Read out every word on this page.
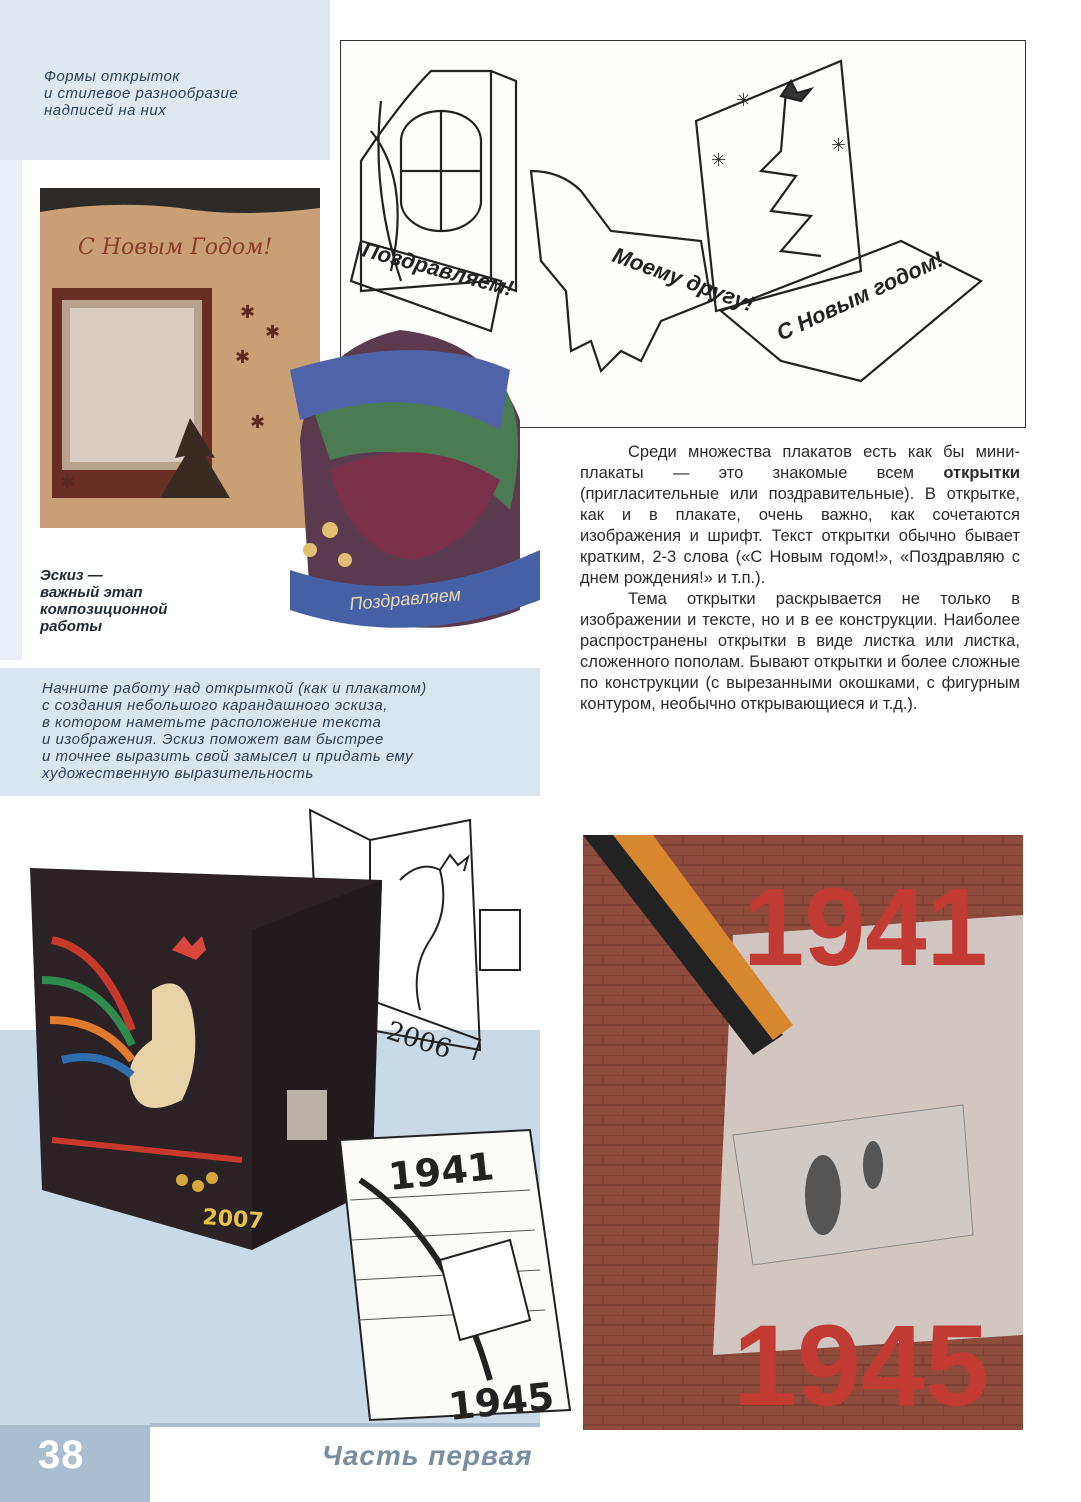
Формы открыток
и стилевое разнообразие
надписей на них
Поздравляем!	Моему другу! С Новым годом!
✳
✳
✳
С Новым Годом!
✱
✱
✱
✱
✱
Поздравляем
Эскиз —
важный этап
композиционной
работы

Среди множества плакатов есть как бы мини-плакаты — это знакомые всем открытки (пригласительные или поздравительные). В открытке, как и в плакате, очень важно, как сочетаются изображения и шрифт. Текст открытки обычно бывает кратким, 2-3 слова («С Новым годом!», «Поздравляю с днем рождения!» и т.п.).

Тема открытки раскрывается не только в изображении и тексте, но и в ее конструкции. Наиболее распространены открытки в виде листка или листка, сложенного пополам. Бывают открытки и более сложные по конструкции (с вырезанными окошками, с фигурным контуром, необычно открывающиеся и т.д.).

Начните работу над открыткой (как и плакатом)
с создания небольшого карандашного эскиза,
в котором наметьте расположение текста
и изображения. Эскиз поможет вам быстрее
и точнее выразить свой замысел и придать ему
художественную выразительность
2006
2007
1941
1945
1941
1945
38	Часть первая
